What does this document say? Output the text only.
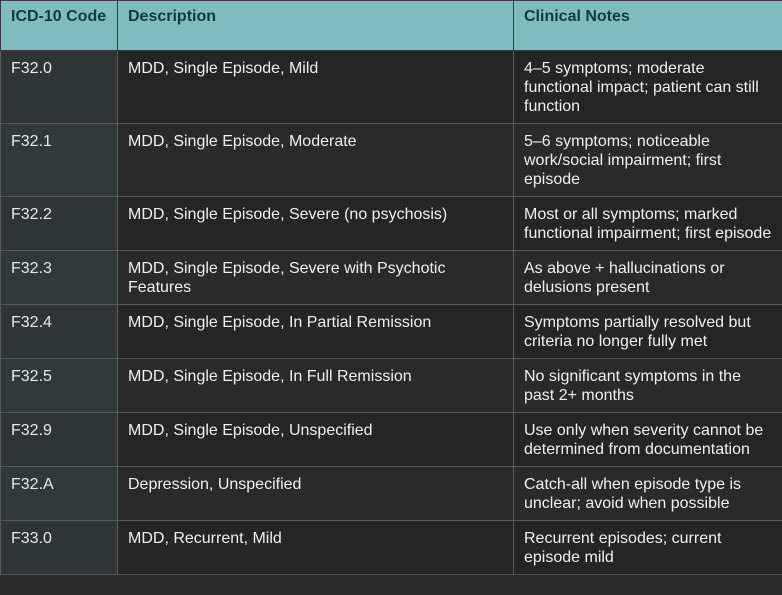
ICD-10 Code	Description	Clinical Notes
F32.0	MDD, Single Episode, Mild	4–5 symptoms; moderate functional impact; patient can still function
F32.1	MDD, Single Episode, Moderate	5–6 symptoms; noticeable work/social impairment; first episode
F32.2	MDD, Single Episode, Severe (no psychosis)	Most or all symptoms; marked functional impairment; first episode
F32.3	MDD, Single Episode, Severe with Psychotic Features	As above + hallucinations or delusions present
F32.4	MDD, Single Episode, In Partial Remission	Symptoms partially resolved but criteria no longer fully met
F32.5	MDD, Single Episode, In Full Remission	No significant symptoms in the past 2+ months
F32.9	MDD, Single Episode, Unspecified	Use only when severity cannot be determined from documentation
F32.A	Depression, Unspecified	Catch-all when episode type is unclear; avoid when possible
F33.0	MDD, Recurrent, Mild	Recurrent episodes; current episode mild
